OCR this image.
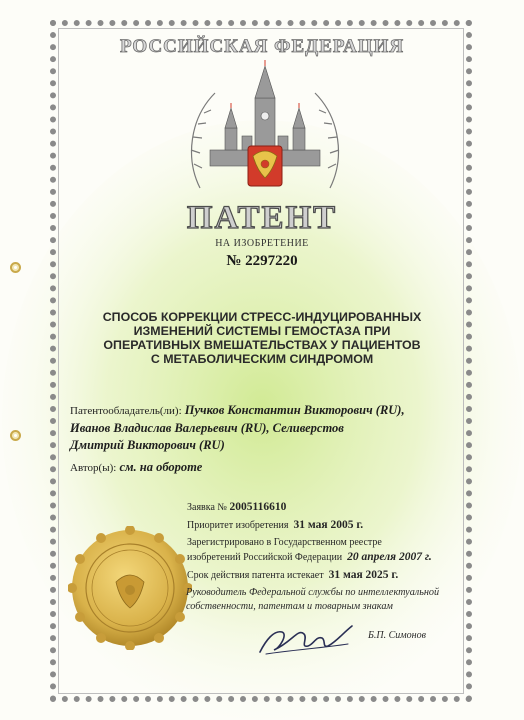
РОССИЙСКАЯ ФЕДЕРАЦИЯ
ПАТЕНТ
НА ИЗОБРЕТЕНИЕ
№ 2297220
СПОСОБ КОРРЕКЦИИ СТРЕСС-ИНДУЦИРОВАННЫХ
ИЗМЕНЕНИЙ СИСТЕМЫ ГЕМОСТАЗА ПРИ
ОПЕРАТИВНЫХ ВМЕШАТЕЛЬСТВАХ У ПАЦИЕНТОВ
С МЕТАБОЛИЧЕСКИМ СИНДРОМОМ
Патентообладатель(ли): Пучков Константин Викторович (RU),
Иванов Владислав Валерьевич (RU), Селиверстов
Дмитрий Викторович (RU)
Автор(ы): см. на обороте
Заявка № 2005116610
Приоритет изобретения 31 мая 2005 г.
Зарегистрировано в Государственном реестре
изобретений Российской Федерации 20 апреля 2007 г.
Срок действия патента истекает 31 мая 2025 г.
Руководитель Федеральной службы по интеллектуальной
собственности, патентам и товарным знакам
Б.П. Симонов
